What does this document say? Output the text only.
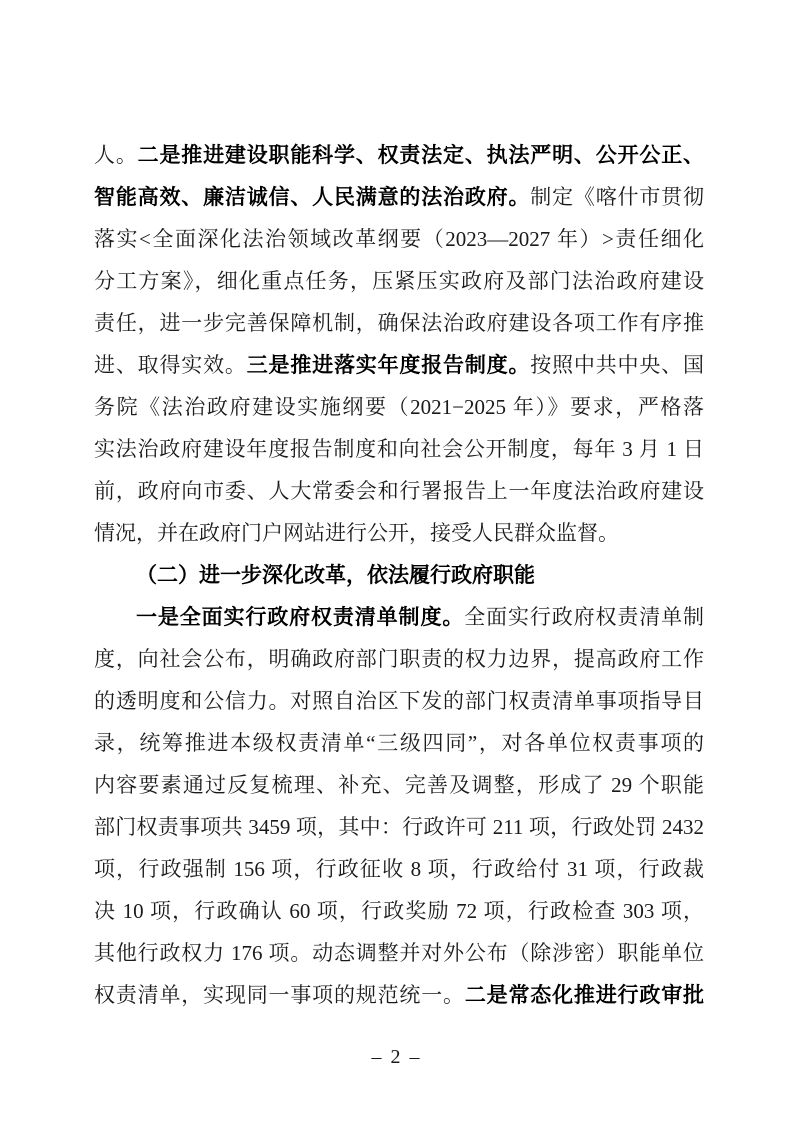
人。二是推进建设职能科学、权责法定、执法严明、公开公正、
智能高效、廉洁诚信、人民满意的法治政府。制定《喀什市贯彻
落实<全面深化法治领域改革纲要（2023—2027 年）>责任细化
分工方案》，细化重点任务，压紧压实政府及部门法治政府建设
责任，进一步完善保障机制，确保法治政府建设各项工作有序推
进、取得实效。三是推进落实年度报告制度。按照中共中央、国
务院《法治政府建设实施纲要（2021−2025 年）》要求，严格落
实法治政府建设年度报告制度和向社会公开制度，每年 3 月 1 日
前，政府向市委、人大常委会和行署报告上一年度法治政府建设
情况，并在政府门户网站进行公开，接受人民群众监督。
（二）进一步深化改革，依法履行政府职能
一是全面实行政府权责清单制度。全面实行政府权责清单制
度，向社会公布，明确政府部门职责的权力边界，提高政府工作
的透明度和公信力。对照自治区下发的部门权责清单事项指导目
录，统筹推进本级权责清单“三级四同”，对各单位权责事项的
内容要素通过反复梳理、补充、完善及调整，形成了 29 个职能
部门权责事项共 3459 项，其中：行政许可 211 项，行政处罚 2432
项，行政强制 156 项，行政征收 8 项，行政给付 31 项，行政裁
决 10 项，行政确认 60 项，行政奖励 72 项，行政检查 303 项，
其他行政权力 176 项。动态调整并对外公布（除涉密）职能单位
权责清单，实现同一事项的规范统一。二是常态化推进行政审批
– 2 –
